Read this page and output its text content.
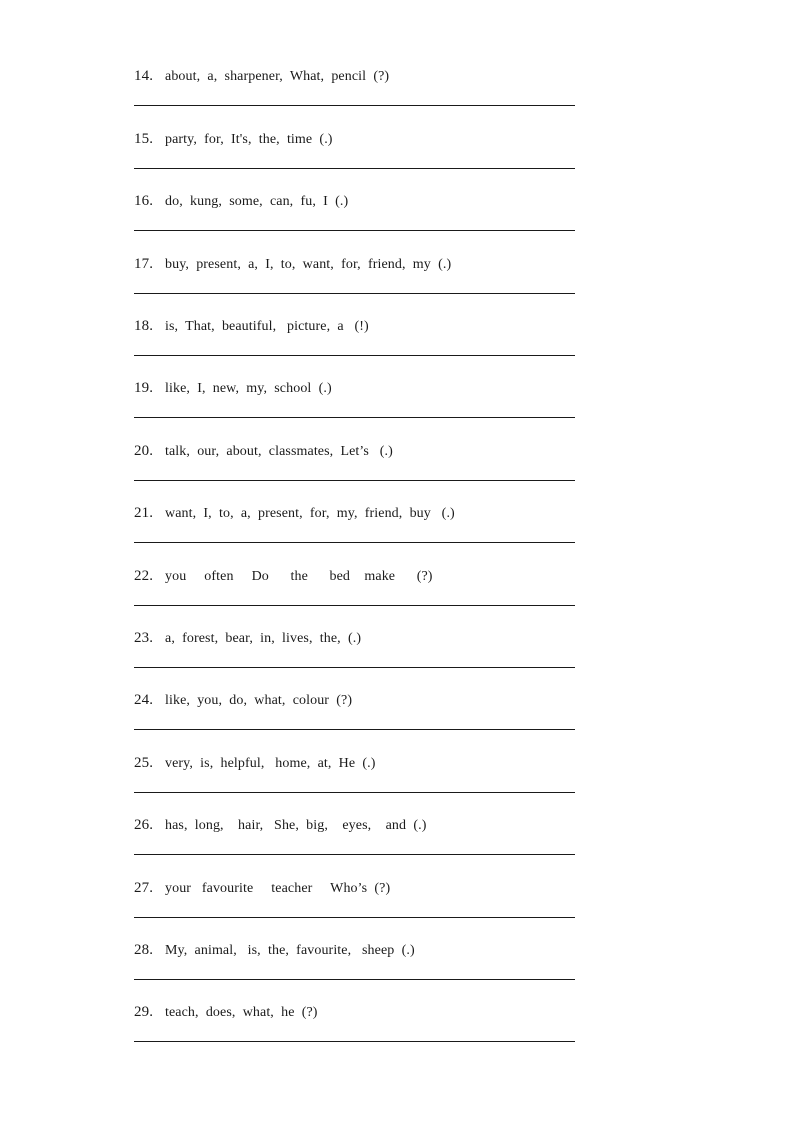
14. about,  a,  sharpener,  What,  pencil  (?)
15. party,  for,  It's,  the,  time  (.)
16. do,  kung,  some,  can,  fu,  I  (.)
17. buy,  present,  a,  I,  to,  want,  for,  friend,  my  (.)
18. is,  That,  beautiful,   picture,  a   (!)
19. like,  I,  new,  my,  school  (.)
20. talk,  our,  about,  classmates,  Let’s   (.)
21. want,  I,  to,  a,  present,  for,  my,  friend,  buy   (.)
22. you     often     Do      the      bed    make      (?)
23. a,  forest,  bear,  in,  lives,  the,  (.)
24. like,  you,  do,  what,  colour  (?)
25. very,  is,  helpful,   home,  at,  He  (.)
26. has,  long,    hair,   She,  big,    eyes,    and  (.)
27. your   favourite     teacher     Who’s  (?)
28. My,  animal,   is,  the,  favourite,   sheep  (.)
29. teach,  does,  what,  he  (?)
